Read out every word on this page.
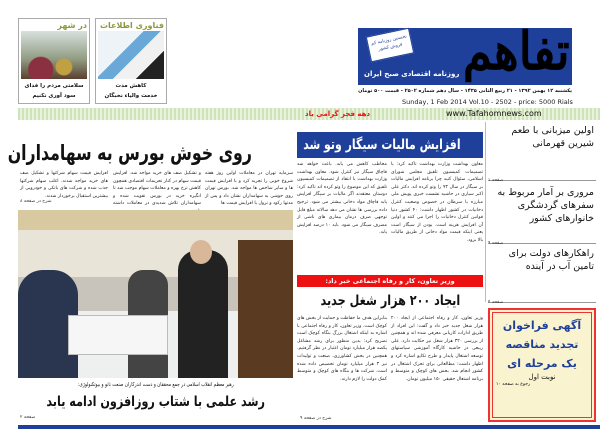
فناوری اطلاعات
کاهش مدت
خدمت والیاء نخبگان
در شهر
سلامتی مردم را فدای
سود آوری نکنیم
نخستین روزنامه کم فروش کشور تفاهم
روزنامه اقتصادی صبح ایران
یکشنبه ۱۲ بهمن ۱۳۹۲ - ۲۱ ربیع الثانی ۱۴۳۵ - سال دهم شماره ۲۵۰۲ - قیمت ۵۰۰ تومان
Sunday, 1 Feb 2014 Vol.10 - 2502 - price: 5000 Rials
www.Tafahomnews.com
دهه فجر گرامی باد
اولین میزبانی با طعم شیرین قهرمانی
صفحه ۱
مروری بر آمار مربوط به سفرهای گردشگری خانوارهای کشور
صفحه ۹
راهکارهای دولت برای تامین آب در آینده
صفحه ۴
آگهی فراخوان تجدید مناقصه یک مرحله ای
نوبت اول
رجوع به صفحه ۱۰
افزایش مالیات سیگار وتو شد
معاون بهداشت وزارت بهداشت تاکید کرد: با تصمیمات کمیسیون تلفیق مجلس شورای اسلامی، سئوال کنید چرا برنامه افزایش مالیات بر سیگار در سال ۹۳ را وتو کرده اند. دکتر علی اکبر سیاری در حاشیه نشست خبری پویش ملی مبارزه با سرطان در خصوص وضعیت کنترل دخانیات در کشور اظهار داشت: ۴۰ کشور دنیا قوانین کنترل دخانیات را اجرا می کنند و اولین آن افزایش هزینه است. بودن از سیگار است یعنی اینکه قیمت مواد دخانی از طریق مالیات بالا برود.
مخاطب کاهش می یابد. باعث خواهد شد قاچاق سیگار نیز کنترل شود. معاون بهداشت وزارت بهداشت با انتقاد از تصمیمات کمیسیون تلفیق که این موضوع را وتو کرده اند تاکید کرد: دوستان معتقدند اگر مالیات بر سیگار افزایش یابد قاچاق مواد دخانی بیشتر می شود. ترجیح داده بررسی ها نشان می دهد سالانه مبلغ قابل توجهی صرف درمان بیماری های ناشی از مصرف سیگار می شود. باید ۱۰ درصد افزایش یابد.
وزیر تعاون، کار و رفاه اجتماعی خبر داد:
ایجاد ۲۰۰ هزار شغل جدید
وزیر تعاون، کار و رفاه اجتماعی از ایجاد ۲۰۰ هزار شغل جدید خبر داد و گفت: این افراد از طریق ادارات کاریابی معرفی شده اند و همچنین از بررسی ۳۲۰ هزار شغل نیز حکایت دارد. علی ربیعی در حاشیه کارگاه آموزشی سیاستهای توسعه اشتغال پایدار و طرح تکاپو اشاره کرد و اظهار داشت: مطالعاتی برای تحرک اشتغال در کشور انجام شد. بخش های کوچک و متوسط و برنامه اشتغال حقیقی ۱۵۰ میلیون تومان.
بنابراین هدف ما حفاظت و حمایت از بخش های کوچک است. وزیر تعاون، کار و رفاه اجتماعی با اشاره به اینکه اشتغال بزرگ بنگاه کوچک است تصریح کرد: بدین منظور برای رشد مشاغل یکصد هزار میلیارد تومان اعتبار در نظر گرفتیم. همچنین در بخش کشاورزی، صنعت و تولیدات نیز ۳ هزار میلیارد تومان تخصیص داده شده است. شرکت ها و بنگاه های کوچک و متوسط کمک دولت را لازم دارند.
شرح در صفحه ۹
روی خوش بورس به سهامداران
سرمایه تهران در معاملات اولین روز هفته شروع خوبی را تجربه کرد و با افزایش قیمت ها و سایر شاخص ها مواجه شد. بورس تهران روی خوشی به سهامداران نشان داد و پس از مدتها رکود و نزول با افزایش قیمت ها
و تشکیل صف های خرید مواجه شد. افزایش قیمت سهام در کنار تحریمات اقتصادی همچون کاهش نرخ بهره و معاملات سهام موجب شد تا انگیزه خرید در بورس تقویت شده و سهامداران تلاش شدیدی در معاملات داشته
افزایش قیمت سهام شرکتها و تشکیل صف های خرید مواجه شدند. اغلب سهام شرکتها جذب شده و شرکت های بانکی و خودرویی از بیشترین استقبال برخوردار شدند.
شرح در صفحه ۸
رهبر معظم انقلاب اسلامی در جمع محققان و دست اندرکاران صنعت نانو و بیوتکنولوژی:
رشد علمی با شتاب روزافزون ادامه یابد
صفحه ۲
